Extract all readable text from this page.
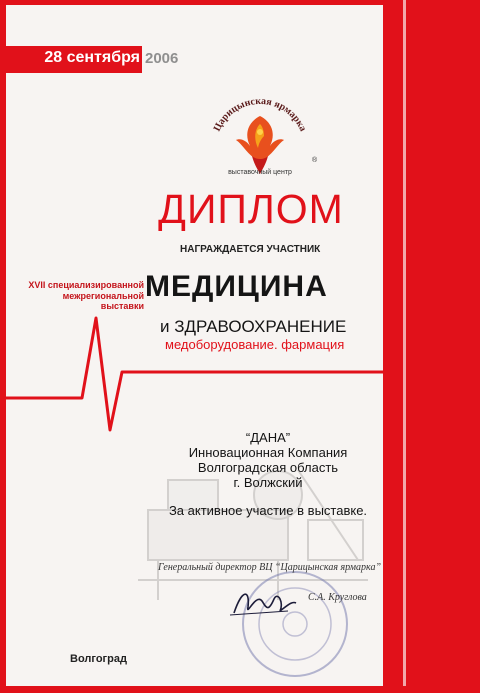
28 сентября 2006
Царицынская ярмарка
®
выставочный центр
ДИПЛОМ
НАГРАЖДАЕТСЯ УЧАСТНИК
XVII специализированной
межрегиональной выставки
МЕДИЦИНА
и ЗДРАВООХРАНЕНИЕ
медоборудование. фармация
“ДАНА”
Инновационная Компания
Волгоградская область
г. Волжский
За активное участие в выставке.
Генеральный директор ВЦ “Царицынская ярмарка”
С.А. Круглова
Волгоград
